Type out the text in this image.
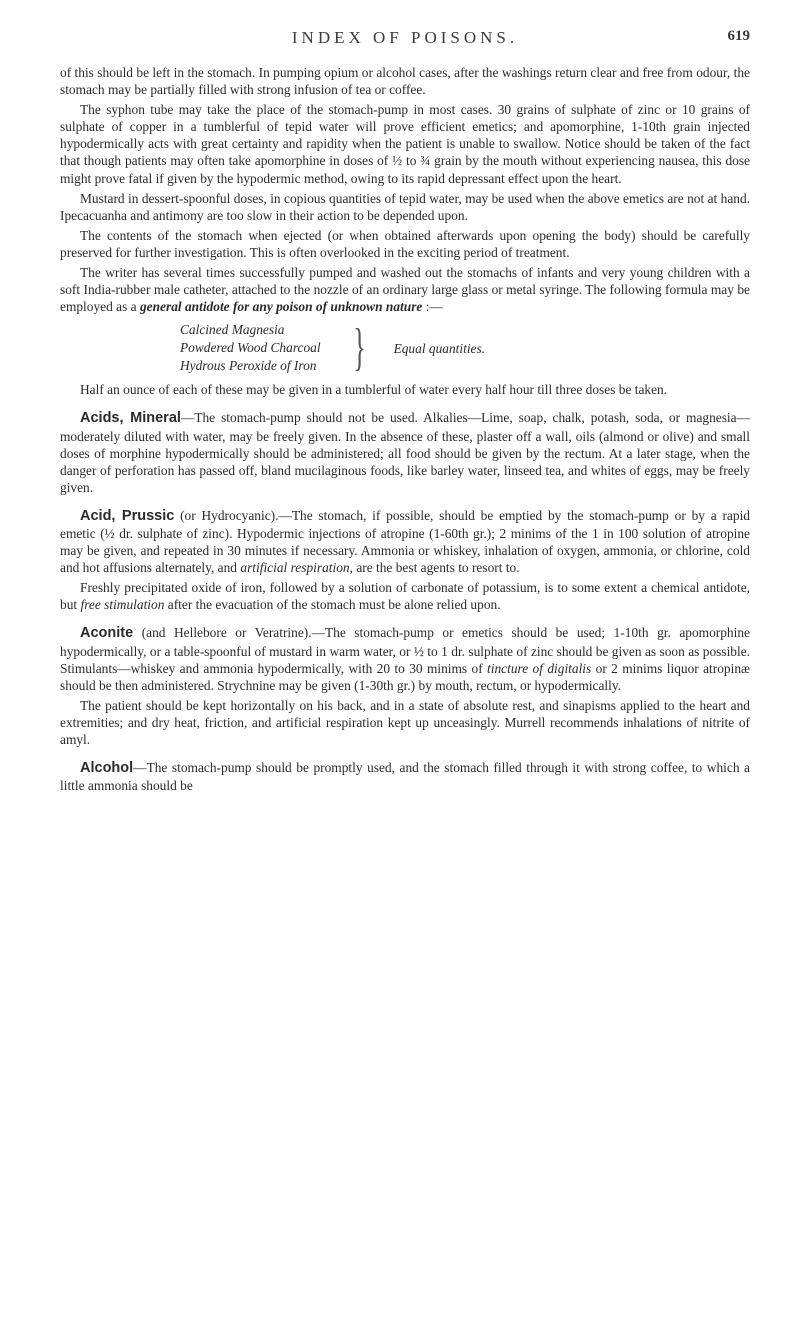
INDEX OF POISONS.	619

of this should be left in the stomach. In pumping opium or alcohol cases, after the washings return clear and free from odour, the stomach may be partially filled with strong infusion of tea or coffee.

The syphon tube may take the place of the stomach-pump in most cases. 30 grains of sulphate of zinc or 10 grains of sulphate of copper in a tumblerful of tepid water will prove efficient emetics; and apomorphine, 1-10th grain injected hypodermically acts with great certainty and rapidity when the patient is unable to swallow. Notice should be taken of the fact that though patients may often take apomorphine in doses of ½ to ¾ grain by the mouth without experiencing nausea, this dose might prove fatal if given by the hypodermic method, owing to its rapid depressant effect upon the heart.

Mustard in dessert-spoonful doses, in copious quantities of tepid water, may be used when the above emetics are not at hand. Ipecacuanha and antimony are too slow in their action to be depended upon.

The contents of the stomach when ejected (or when obtained afterwards upon opening the body) should be carefully preserved for further investigation. This is often overlooked in the exciting period of treatment.

The writer has several times successfully pumped and washed out the stomachs of infants and very young children with a soft India-rubber male catheter, attached to the nozzle of an ordinary large glass or metal syringe. The following formula may be employed as a general antidote for any poison of unknown nature :—

Calcined Magnesia
Powdered Wood Charcoal
Hydrous Peroxide of Iron } Equal quantities.

Half an ounce of each of these may be given in a tumblerful of water every half hour till three doses be taken.

Acids, Mineral—The stomach-pump should not be used. Alkalies—Lime, soap, chalk, potash, soda, or magnesia—moderately diluted with water, may be freely given. In the absence of these, plaster off a wall, oils (almond or olive) and small doses of morphine hypodermically should be administered; all food should be given by the rectum. At a later stage, when the danger of perforation has passed off, bland mucilaginous foods, like barley water, linseed tea, and whites of eggs, may be freely given.

Acid, Prussic (or Hydrocyanic).—The stomach, if possible, should be emptied by the stomach-pump or by a rapid emetic (½ dr. sulphate of zinc). Hypodermic injections of atropine (1-60th gr.); 2 minims of the 1 in 100 solution of atropine may be given, and repeated in 30 minutes if necessary. Ammonia or whiskey, inhalation of oxygen, ammonia, or chlorine, cold and hot affusions alternately, and artificial respiration, are the best agents to resort to.

Freshly precipitated oxide of iron, followed by a solution of carbonate of potassium, is to some extent a chemical antidote, but free stimulation after the evacuation of the stomach must be alone relied upon.

Aconite (and Hellebore or Veratrine).—The stomach-pump or emetics should be used; 1-10th gr. apomorphine hypodermically, or a table-spoonful of mustard in warm water, or ½ to 1 dr. sulphate of zinc should be given as soon as possible. Stimulants—whiskey and ammonia hypodermically, with 20 to 30 minims of tincture of digitalis or 2 minims liquor atropinæ should be then administered. Strychnine may be given (1-30th gr.) by mouth, rectum, or hypodermically.

The patient should be kept horizontally on his back, and in a state of absolute rest, and sinapisms applied to the heart and extremities; and dry heat, friction, and artificial respiration kept up unceasingly. Murrell recommends inhalations of nitrite of amyl.

Alcohol—The stomach-pump should be promptly used, and the stomach filled through it with strong coffee, to which a little ammonia should be
